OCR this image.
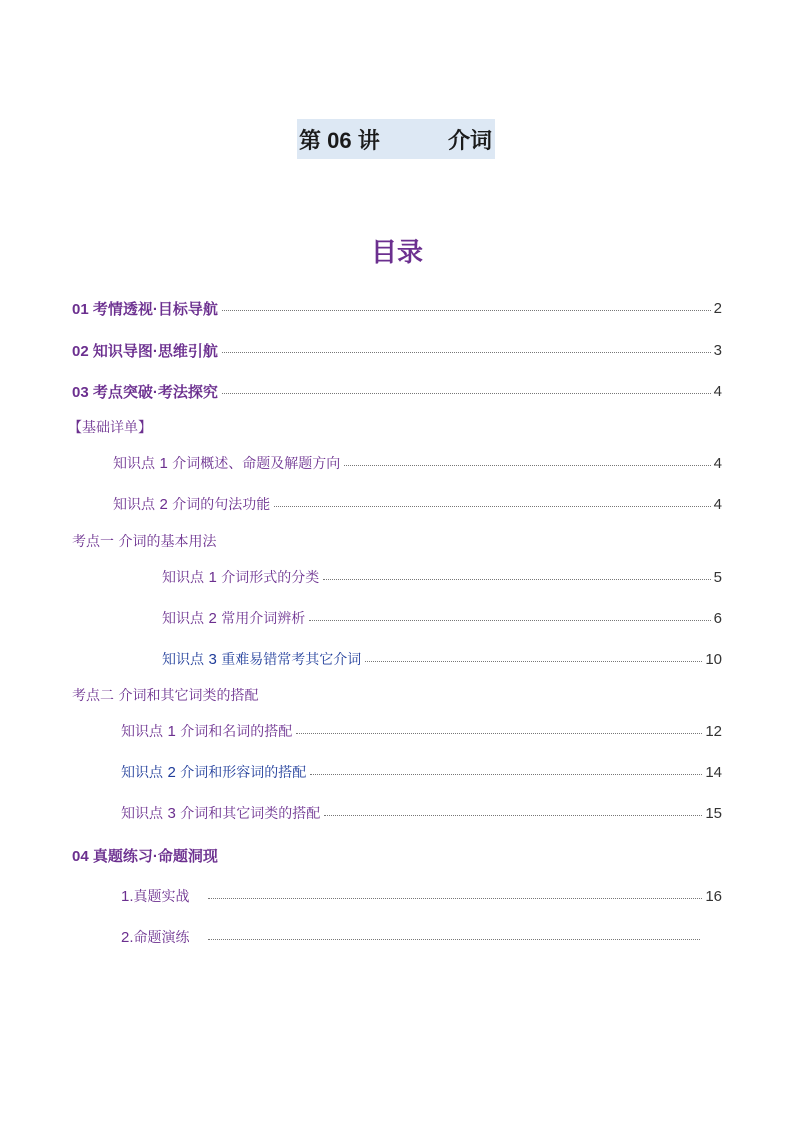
第 06 讲	介词
目录
01 考情透视·目标导航	2
02 知识导图·思维引航	3
03 考点突破·考法探究	4
【基础详单】
知识点 1 介词概述、命题及解题方向	4
知识点 2 介词的句法功能	4
考点一 介词的基本用法
知识点 1 介词形式的分类	5
知识点 2 常用介词辨析	6
知识点 3 重难易错常考其它介词	10
考点二 介词和其它词类的搭配
知识点 1 介词和名词的搭配	12
知识点 2 介词和形容词的搭配	14
知识点 3 介词和其它词类的搭配	15
04 真题练习·命题洞现
1.真题实战	16
2.命题演练
